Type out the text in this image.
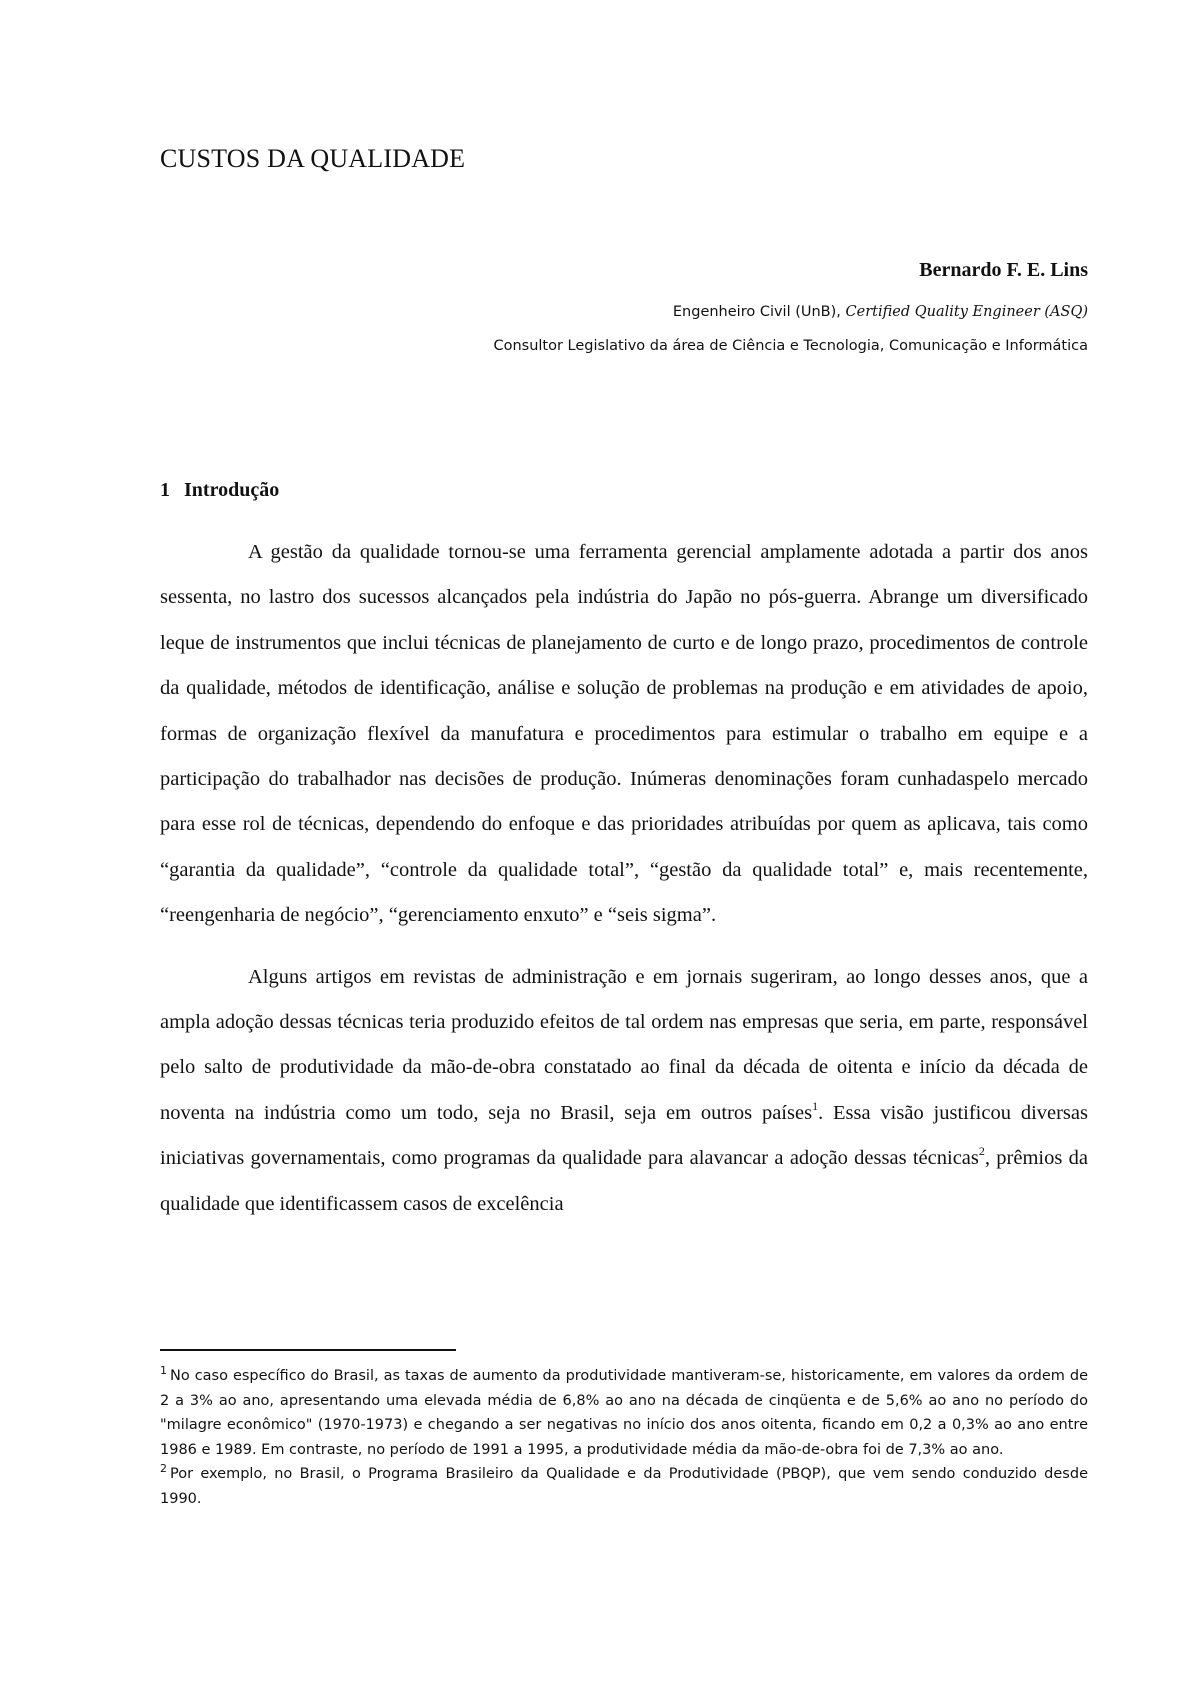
CUSTOS DA QUALIDADE
Bernardo F. E. Lins
Engenheiro Civil (UnB), Certified Quality Engineer (ASQ)
Consultor Legislativo da área de Ciência e Tecnologia, Comunicação e Informática
1 Introdução

A gestão da qualidade tornou-se uma ferramenta gerencial amplamente adotada a partir dos anos sessenta, no lastro dos sucessos alcançados pela indústria do Japão no pós-guerra. Abrange um diversificado leque de instrumentos que inclui técnicas de planejamento de curto e de longo prazo, procedimentos de controle da qualidade, métodos de identificação, análise e solução de problemas na produção e em atividades de apoio, formas de organização flexível da manufatura e procedimentos para estimular o trabalho em equipe e a participação do trabalhador nas decisões de produção. Inúmeras denominações foram cunhadaspelo mercado para esse rol de técnicas, dependendo do enfoque e das prioridades atribuídas por quem as aplicava, tais como “garantia da qualidade”, “controle da qualidade total”, “gestão da qualidade total” e, mais recentemente, “reengenharia de negócio”, “gerenciamento enxuto” e “seis sigma”.

Alguns artigos em revistas de administração e em jornais sugeriram, ao longo desses anos, que a ampla adoção dessas técnicas teria produzido efeitos de tal ordem nas empresas que seria, em parte, responsável pelo salto de produtividade da mão-de-obra constatado ao final da década de oitenta e início da década de noventa na indústria como um todo, seja no Brasil, seja em outros países$^1$. Essa visão justificou diversas iniciativas governamentais, como programas da qualidade para alavancar a adoção dessas técnicas$^2$, prêmios da qualidade que identificassem casos de excelência

$^1$ No caso específico do Brasil, as taxas de aumento da produtividade mantiveram-se, historicamente, em valores da ordem de 2 a 3% ao ano, apresentando uma elevada média de 6,8% ao ano na década de cinqüenta e de 5,6% ao ano no período do "milagre econômico" (1970-1973) e chegando a ser negativas no início dos anos oitenta, ficando em 0,2 a 0,3% ao ano entre 1986 e 1989. Em contraste, no período de 1991 a 1995, a produtividade média da mão-de-obra foi de 7,3% ao ano.

$^2$ Por exemplo, no Brasil, o Programa Brasileiro da Qualidade e da Produtividade (PBQP), que vem sendo conduzido desde 1990.
